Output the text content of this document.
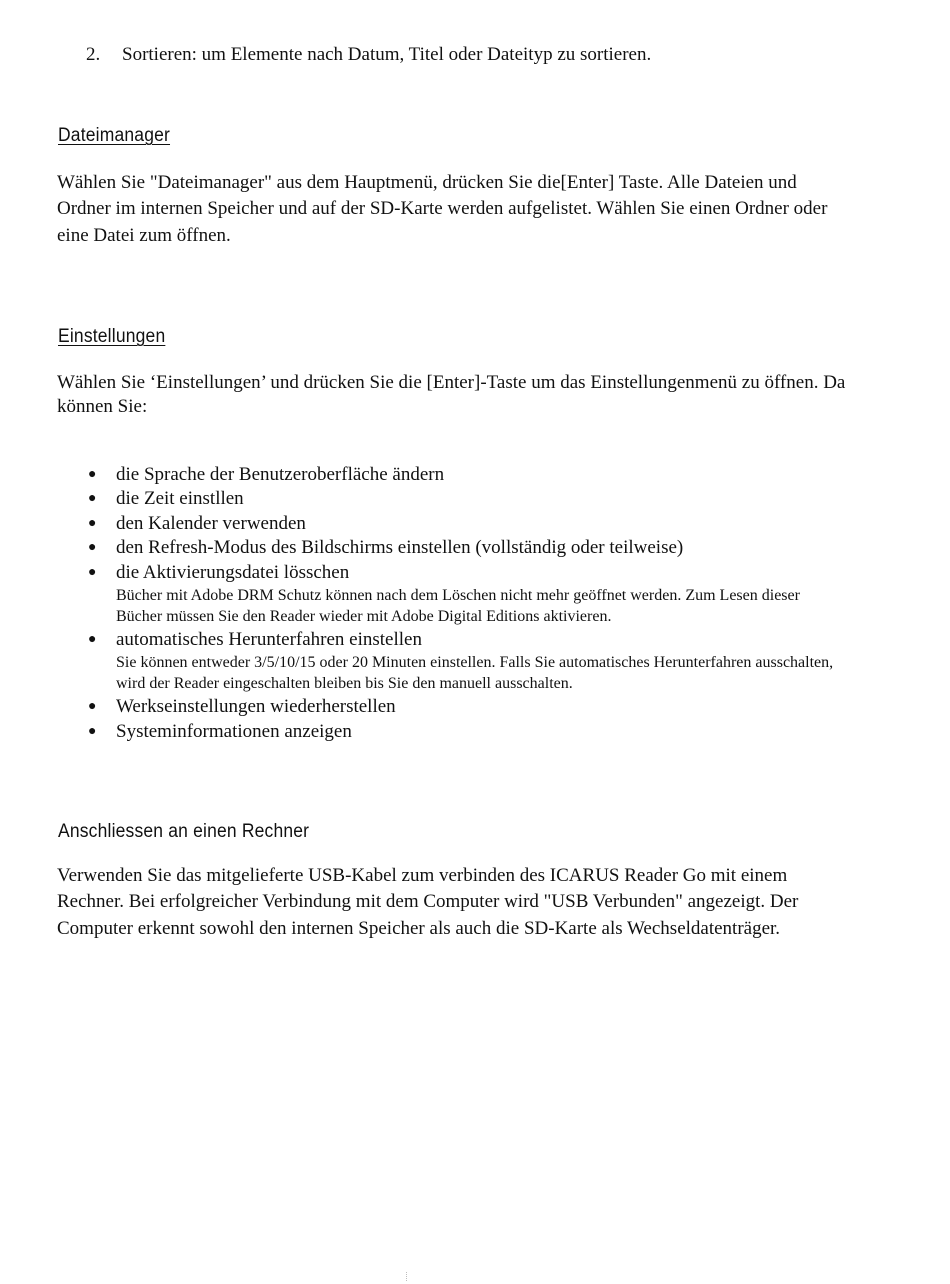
2. Sortieren: um Elemente nach Datum, Titel oder Dateityp zu sortieren.
Dateimanager
Wählen Sie "Dateimanager" aus dem Hauptmenü, drücken Sie die[Enter] Taste. Alle Dateien und Ordner im internen Speicher und auf der SD-Karte werden aufgelistet. Wählen Sie einen Ordner oder eine Datei zum öffnen.
Einstellungen
Wählen Sie ‘Einstellungen’ und drücken Sie die [Enter]-Taste um das Einstellungenmenü zu öffnen. Da können Sie:
● die Sprache der Benutzeroberfläche ändern
● die Zeit einstllen
● den Kalender verwenden
● den Refresh-Modus des Bildschirms einstellen (vollständig oder teilweise)
● die Aktivierungsdatei lösschen
Bücher mit Adobe DRM Schutz können nach dem Löschen nicht mehr geöffnet werden. Zum Lesen dieser Bücher müssen Sie den Reader wieder mit Adobe Digital Editions aktivieren.
● automatisches Herunterfahren einstellen
Sie können entweder 3/5/10/15 oder 20 Minuten einstellen. Falls Sie automatisches Herunterfahren ausschalten, wird der Reader eingeschalten bleiben bis Sie den manuell ausschalten.
● Werkseinstellungen wiederherstellen
● Systeminformationen anzeigen
Anschliessen an einen Rechner
Verwenden Sie das mitgelieferte USB-Kabel zum verbinden des ICARUS Reader Go mit einem Rechner. Bei erfolgreicher Verbindung mit dem Computer wird "USB Verbunden" angezeigt. Der Computer erkennt sowohl den internen Speicher als auch die SD-Karte als Wechseldatenträger.
